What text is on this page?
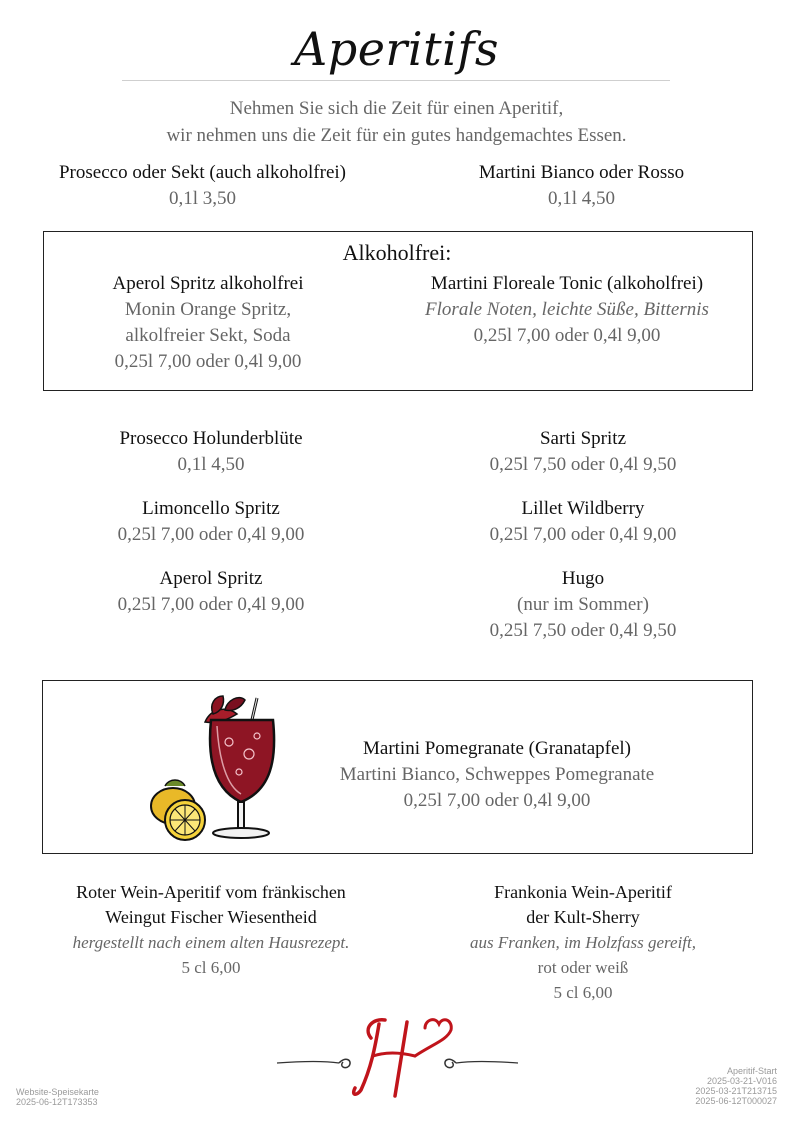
Aperitifs
Nehmen Sie sich die Zeit für einen Aperitif,
wir nehmen uns die Zeit für ein gutes handgemachtes Essen.
Prosecco oder Sekt (auch alkoholfrei)
0,1l 3,50
Martini Bianco oder Rosso
0,1l 4,50
Alkoholfrei:
Aperol Spritz alkoholfrei
Monin Orange Spritz,
alkolfreier Sekt, Soda
0,25l 7,00 oder 0,4l 9,00
Martini Floreale Tonic (alkoholfrei)
Florale Noten, leichte Süße, Bitternis
0,25l 7,00 oder 0,4l 9,00
Prosecco Holunderblüte
0,1l 4,50
Limoncello Spritz
0,25l 7,00 oder 0,4l 9,00
Aperol Spritz
0,25l 7,00 oder 0,4l 9,00
Sarti Spritz
0,25l 7,50 oder 0,4l 9,50
Lillet Wildberry
0,25l 7,00 oder 0,4l 9,00
Hugo
(nur im Sommer)
0,25l 7,50 oder 0,4l 9,50
Martini Pomegranate (Granatapfel)
Martini Bianco, Schweppes Pomegranate
0,25l 7,00 oder 0,4l 9,00
Roter Wein-Aperitif vom fränkischen
Weingut Fischer Wiesentheid
hergestellt nach einem alten Hausrezept.
5 cl 6,00
Frankonia Wein-Aperitif
der Kult-Sherry
aus Franken, im Holzfass gereift,
rot oder weiß
5 cl 6,00
Website-Speisekarte
2025-06-12T173353
Aperitif-Start
2025-03-21-V016
2025-03-21T213715
2025-06-12T000027
